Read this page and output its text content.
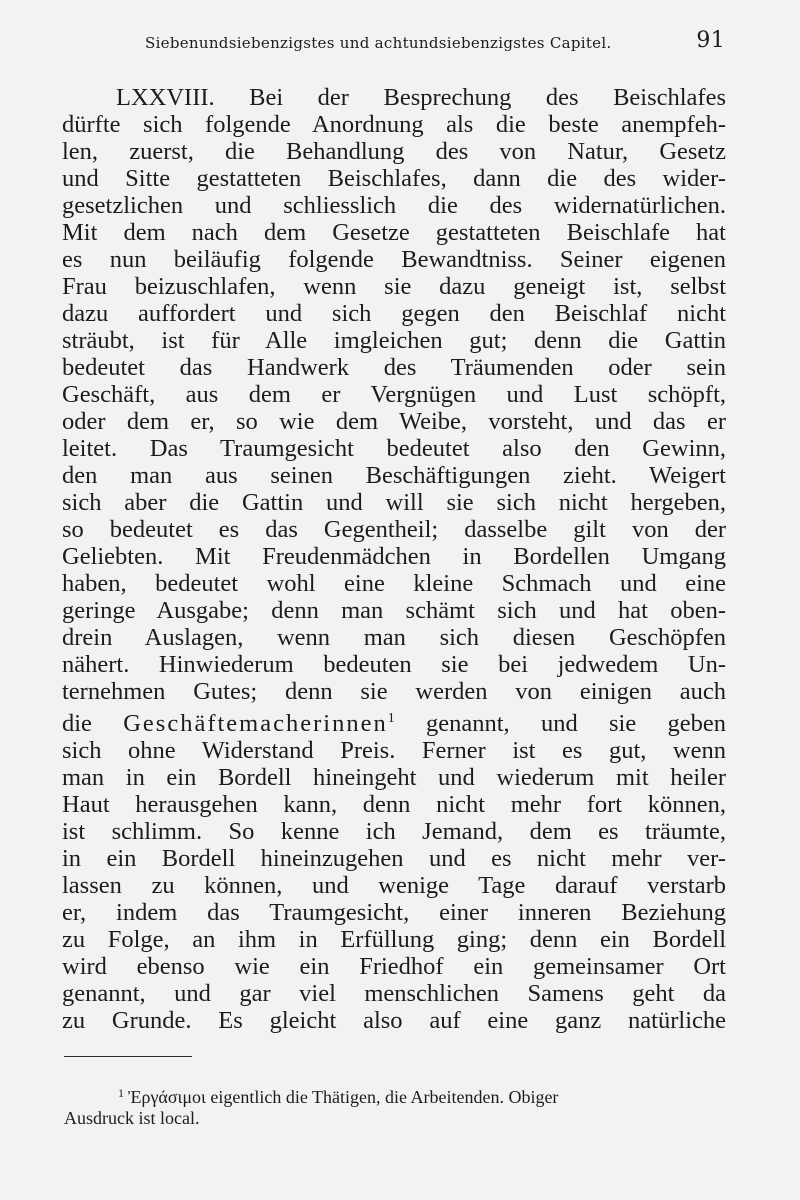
Siebenundsiebenzigstes und achtundsiebenzigstes Capitel.	91
LXXVIII. Bei der Besprechung des Beischlafes
dürfte sich folgende Anordnung als die beste anempfeh-
len, zuerst, die Behandlung des von Natur, Gesetz
und Sitte gestatteten Beischlafes, dann die des wider-
gesetzlichen und schliesslich die des widernatürlichen.
Mit dem nach dem Gesetze gestatteten Beischlafe hat
es nun beiläufig folgende Bewandtniss. Seiner eigenen
Frau beizuschlafen, wenn sie dazu geneigt ist, selbst
dazu auffordert und sich gegen den Beischlaf nicht
sträubt, ist für Alle imgleichen gut; denn die Gattin
bedeutet das Handwerk des Träumenden oder sein
Geschäft, aus dem er Vergnügen und Lust schöpft,
oder dem er, so wie dem Weibe, vorsteht, und das er
leitet. Das Traumgesicht bedeutet also den Gewinn,
den man aus seinen Beschäftigungen zieht. Weigert
sich aber die Gattin und will sie sich nicht hergeben,
so bedeutet es das Gegentheil; dasselbe gilt von der
Geliebten. Mit Freudenmädchen in Bordellen Umgang
haben, bedeutet wohl eine kleine Schmach und eine
geringe Ausgabe; denn man schämt sich und hat oben-
drein Auslagen, wenn man sich diesen Geschöpfen
nähert. Hinwiederum bedeuten sie bei jedwedem Un-
ternehmen Gutes; denn sie werden von einigen auch
die Geschäftemacherinnen$^1$ genannt, und sie geben
sich ohne Widerstand Preis. Ferner ist es gut, wenn
man in ein Bordell hineingeht und wiederum mit heiler
Haut herausgehen kann, denn nicht mehr fort können,
ist schlimm. So kenne ich Jemand, dem es träumte,
in ein Bordell hineinzugehen und es nicht mehr ver-
lassen zu können, und wenige Tage darauf verstarb
er, indem das Traumgesicht, einer inneren Beziehung
zu Folge, an ihm in Erfüllung ging; denn ein Bordell
wird ebenso wie ein Friedhof ein gemeinsamer Ort
genannt, und gar viel menschlichen Samens geht da
zu Grunde. Es gleicht also auf eine ganz natürliche
$^1$ Ἐργάσιμοι eigentlich die Thätigen, die Arbeitenden. Obiger
Ausdruck ist local.
